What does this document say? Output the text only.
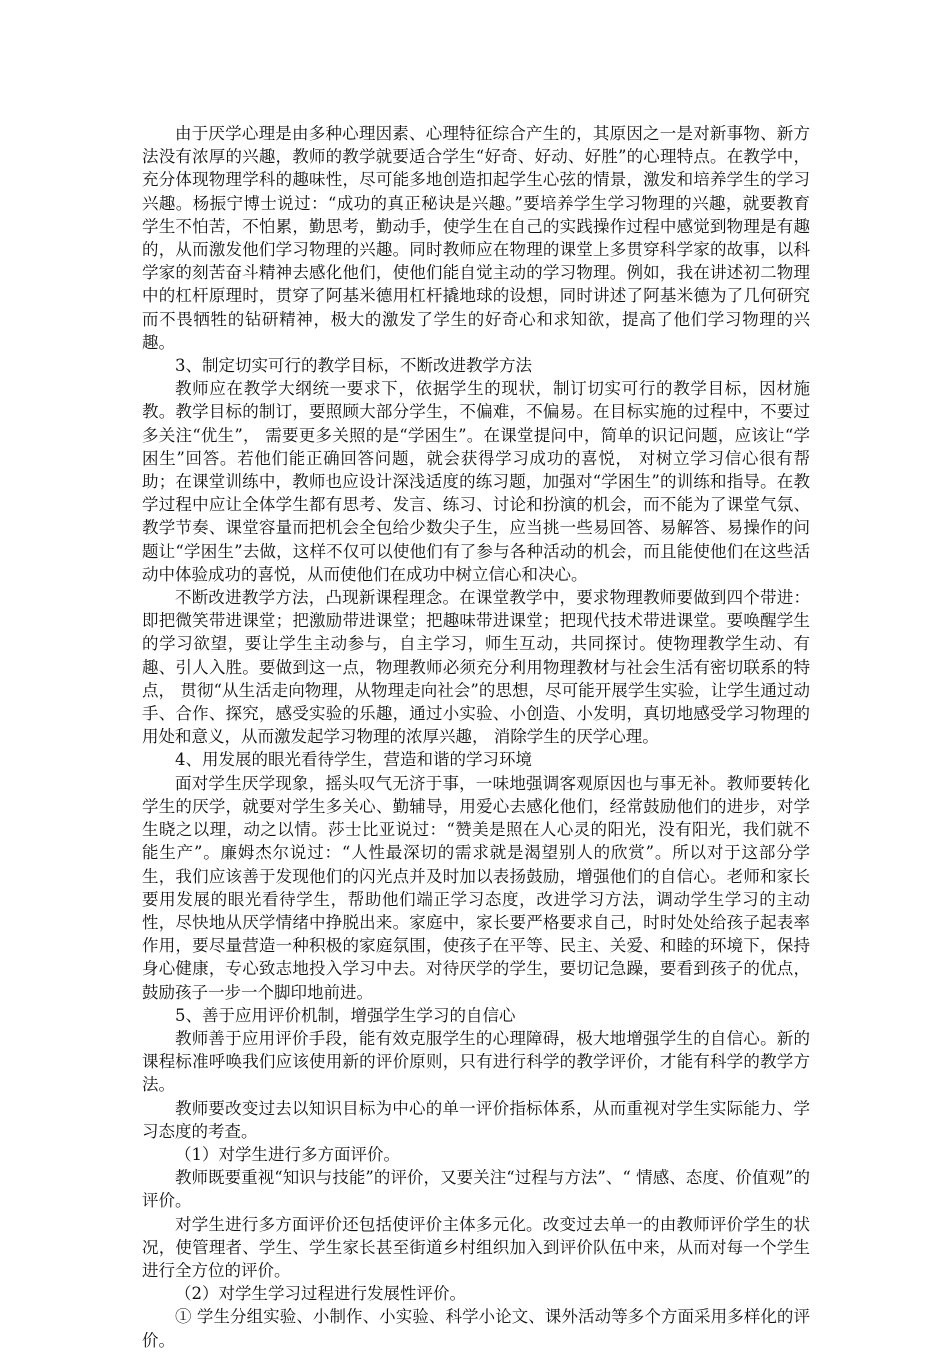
由于厌学心理是由多种心理因素、心理特征综合产生的，其原因之一是对新事物、新方法没有浓厚的兴趣，教师的教学就要适合学生“好奇、好动、好胜”的心理特点。在教学中，充分体现物理学科的趣味性，尽可能多地创造扣起学生心弦的情景，激发和培养学生的学习兴趣。杨振宁博士说过：“成功的真正秘诀是兴趣。”要培养学生学习物理的兴趣，就要教育学生不怕苦，不怕累，勤思考，勤动手，使学生在自己的实践操作过程中感觉到物理是有趣的，从而激发他们学习物理的兴趣。同时教师应在物理的课堂上多贯穿科学家的故事，以科学家的刻苦奋斗精神去感化他们，使他们能自觉主动的学习物理。例如，我在讲述初二物理中的杠杆原理时，贯穿了阿基米德用杠杆撬地球的设想，同时讲述了阿基米德为了几何研究而不畏牺牲的钻研精神，极大的激发了学生的好奇心和求知欲，提高了他们学习物理的兴趣。

3、制定切实可行的教学目标，不断改进教学方法

教师应在教学大纲统一要求下，依据学生的现状，制订切实可行的教学目标，因材施教。教学目标的制订，要照顾大部分学生，不偏难，不偏易。在目标实施的过程中，不要过多关注“优生”， 需要更多关照的是“学困生”。在课堂提问中，简单的识记问题，应该让“学困生”回答。若他们能正确回答问题，就会获得学习成功的喜悦， 对树立学习信心很有帮助；在课堂训练中，教师也应设计深浅适度的练习题，加强对“学困生”的训练和指导。在教学过程中应让全体学生都有思考、发言、练习、讨论和扮演的机会，而不能为了课堂气氛、教学节奏、课堂容量而把机会全包给少数尖子生，应当挑一些易回答、易解答、易操作的问题让“学困生”去做，这样不仅可以使他们有了参与各种活动的机会，而且能使他们在这些活动中体验成功的喜悦，从而使他们在成功中树立信心和决心。

不断改进教学方法，凸现新课程理念。在课堂教学中，要求物理教师要做到四个带进：即把微笑带进课堂；把激励带进课堂；把趣味带进课堂；把现代技术带进课堂。要唤醒学生的学习欲望，要让学生主动参与，自主学习，师生互动，共同探讨。使物理教学生动、有趣、引人入胜。要做到这一点，物理教师必须充分利用物理教材与社会生活有密切联系的特点， 贯彻“从生活走向物理，从物理走向社会”的思想，尽可能开展学生实验，让学生通过动手、合作、探究，感受实验的乐趣，通过小实验、小创造、小发明，真切地感受学习物理的用处和意义，从而激发起学习物理的浓厚兴趣， 消除学生的厌学心理。

4、用发展的眼光看待学生，营造和谐的学习环境

面对学生厌学现象，摇头叹气无济于事，一味地强调客观原因也与事无补。教师要转化学生的厌学，就要对学生多关心、勤辅导，用爱心去感化他们，经常鼓励他们的进步，对学生晓之以理，动之以情。莎士比亚说过：“赞美是照在人心灵的阳光，没有阳光，我们就不能生产”。廉姆杰尔说过：“人性最深切的需求就是渴望别人的欣赏”。所以对于这部分学生，我们应该善于发现他们的闪光点并及时加以表扬鼓励，增强他们的自信心。老师和家长要用发展的眼光看待学生，帮助他们端正学习态度，改进学习方法，调动学生学习的主动性，尽快地从厌学情绪中挣脱出来。家庭中，家长要严格要求自己，时时处处给孩子起表率作用，要尽量营造一种积极的家庭氛围，使孩子在平等、民主、关爱、和睦的环境下，保持身心健康，专心致志地投入学习中去。对待厌学的学生，要切记急躁，要看到孩子的优点，鼓励孩子一步一个脚印地前进。

5、善于应用评价机制，增强学生学习的自信心

教师善于应用评价手段，能有效克服学生的心理障碍，极大地增强学生的自信心。新的课程标准呼唤我们应该使用新的评价原则，只有进行科学的教学评价，才能有科学的教学方法。

教师要改变过去以知识目标为中心的单一评价指标体系，从而重视对学生实际能力、学习态度的考查。

（1）对学生进行多方面评价。

教师既要重视“知识与技能”的评价，又要关注“过程与方法”、“ 情感、态度、价值观”的评价。

对学生进行多方面评价还包括使评价主体多元化。改变过去单一的由教师评价学生的状况，使管理者、学生、学生家长甚至街道乡村组织加入到评价队伍中来，从而对每一个学生进行全方位的评价。

（2）对学生学习过程进行发展性评价。

① 学生分组实验、小制作、小实验、科学小论文、课外活动等多个方面采用多样化的评价。
